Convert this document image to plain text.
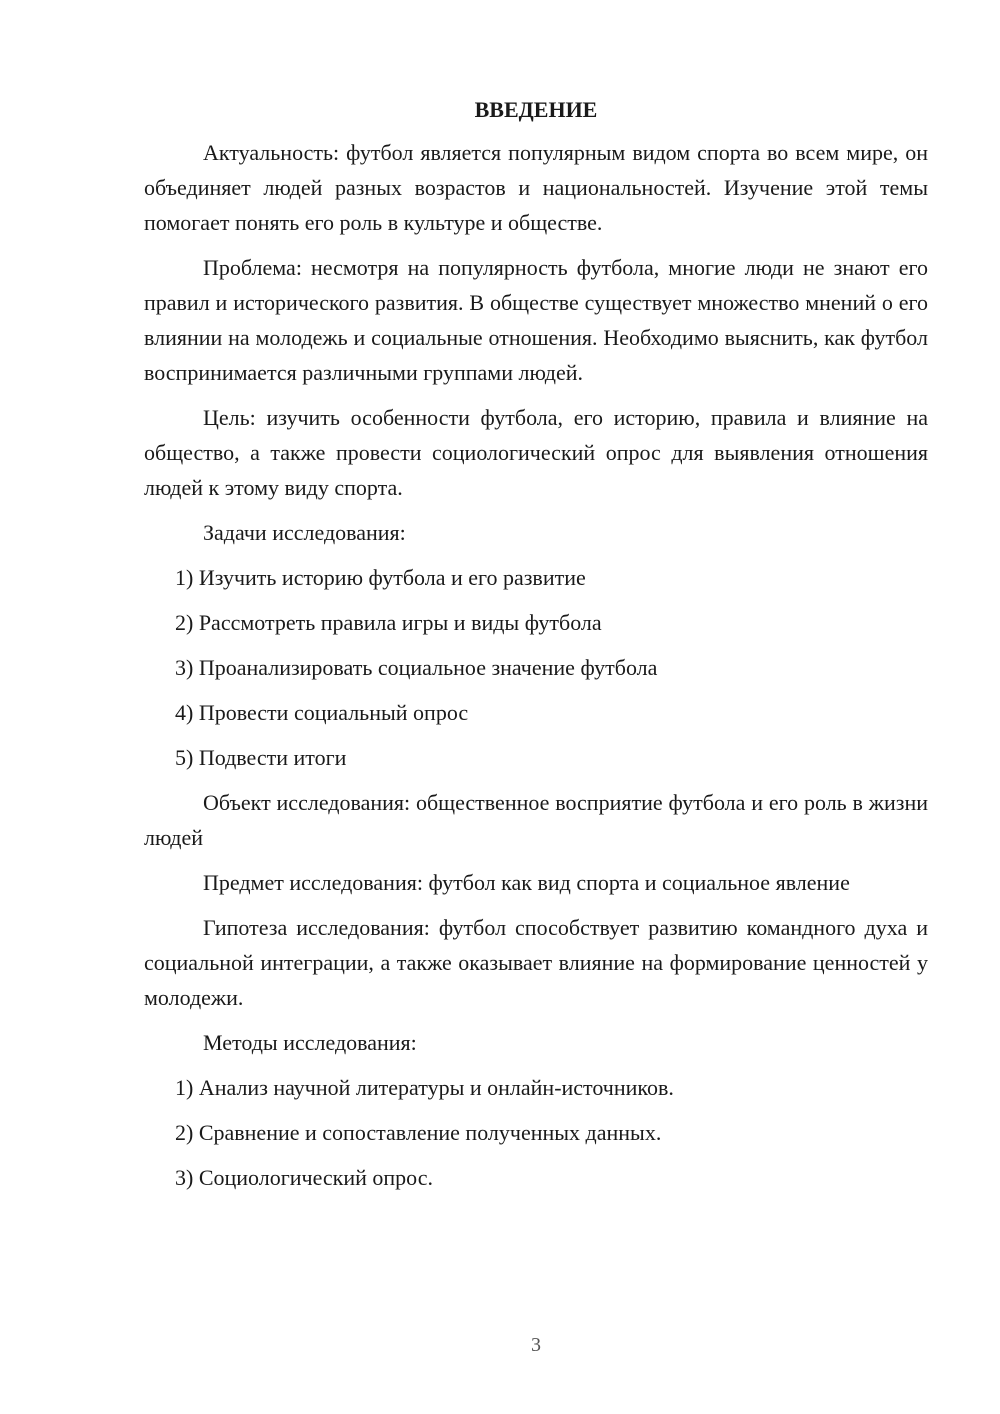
ВВЕДЕНИЕ

Актуальность: футбол является популярным видом спорта во всем мире, он объединяет людей разных возрастов и национальностей. Изучение этой темы помогает понять его роль в культуре и обществе.

Проблема: несмотря на популярность футбола, многие люди не знают его правил и исторического развития. В обществе существует множество мнений о его влиянии на молодежь и социальные отношения. Необходимо выяснить, как футбол воспринимается различными группами людей.

Цель: изучить особенности футбола, его историю, правила и влияние на общество, а также провести социологический опрос для выявления отношения людей к этому виду спорта.

Задачи исследования:
1) Изучить историю футбола и его развитие
2) Рассмотреть правила игры и виды футбола
3) Проанализировать социальное значение футбола
4) Провести социальный опрос
5) Подвести итоги

Объект исследования: общественное восприятие футбола и его роль в жизни людей

Предмет исследования: футбол как вид спорта и социальное явление

Гипотеза исследования: футбол способствует развитию командного духа и социальной интеграции, а также оказывает влияние на формирование ценностей у молодежи.

Методы исследования:
1) Анализ научной литературы и онлайн-источников.
2) Сравнение и сопоставление полученных данных.
3) Социологический опрос.
3
